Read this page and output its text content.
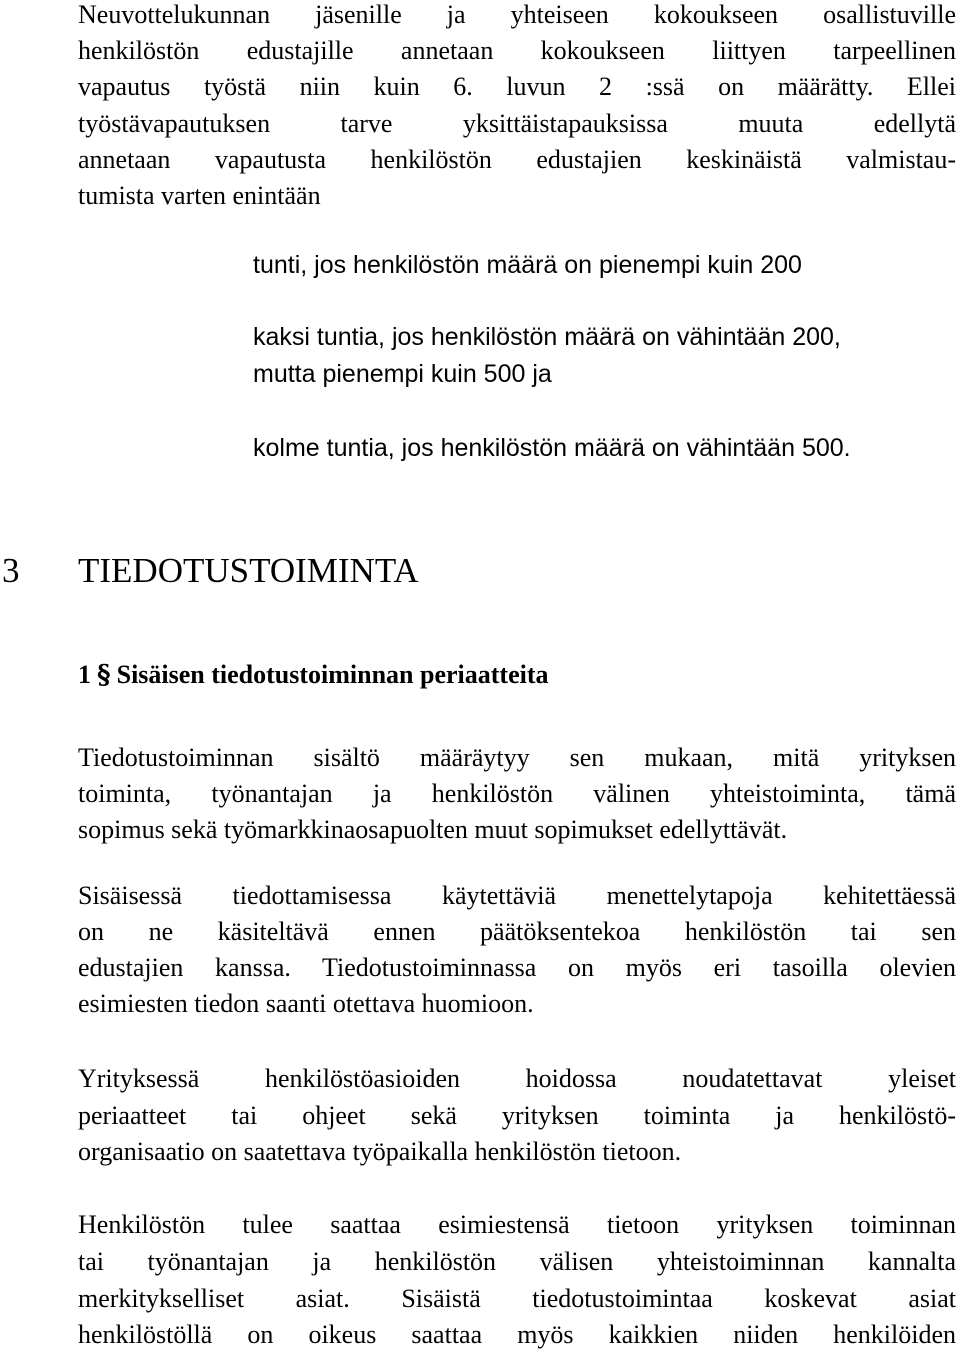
Neuvottelukunnan jäsenille ja yhteiseen kokoukseen osallistuville

henkilöstön edustajille annetaan kokoukseen liittyen tarpeellinen

vapautus työstä niin kuin 6. luvun 2 :ssä on määrätty. Ellei

työstävapautuksen tarve yksittäistapauksissa muuta edellytä

annetaan vapautusta henkilöstön edustajien keskinäistä valmistau-

tumista varten enintään

tunti, jos henkilöstön määrä on pienempi kuin 200

kaksi tuntia, jos henkilöstön määrä on vähintään 200,

mutta pienempi kuin 500 ja

kolme tuntia, jos henkilöstön määrä on vähintään 500.

3 TIEDOTUSTOIMINTA
1 § Sisäisen tiedotustoiminnan periaatteita

Tiedotustoiminnan sisältö määräytyy sen mukaan, mitä yrityksen

toiminta, työnantajan ja henkilöstön välinen yhteistoiminta, tämä

sopimus sekä työmarkkinaosapuolten muut sopimukset edellyttävät.

Sisäisessä tiedottamisessa käytettäviä menettelytapoja kehitettäessä

on ne käsiteltävä ennen päätöksentekoa henkilöstön tai sen

edustajien kanssa. Tiedotustoiminnassa on myös eri tasoilla olevien

esimiesten tiedon saanti otettava huomioon.

Yrityksessä henkilöstöasioiden hoidossa noudatettavat yleiset

periaatteet tai ohjeet sekä yrityksen toiminta ja henkilöstö-

organisaatio on saatettava työpaikalla henkilöstön tietoon.

Henkilöstön tulee saattaa esimiestensä tietoon yrityksen toiminnan

tai työnantajan ja henkilöstön välisen yhteistoiminnan kannalta

merkitykselliset asiat. Sisäistä tiedotustoimintaa koskevat asiat

henkilöstöllä on oikeus saattaa myös kaikkien niiden henkilöiden
